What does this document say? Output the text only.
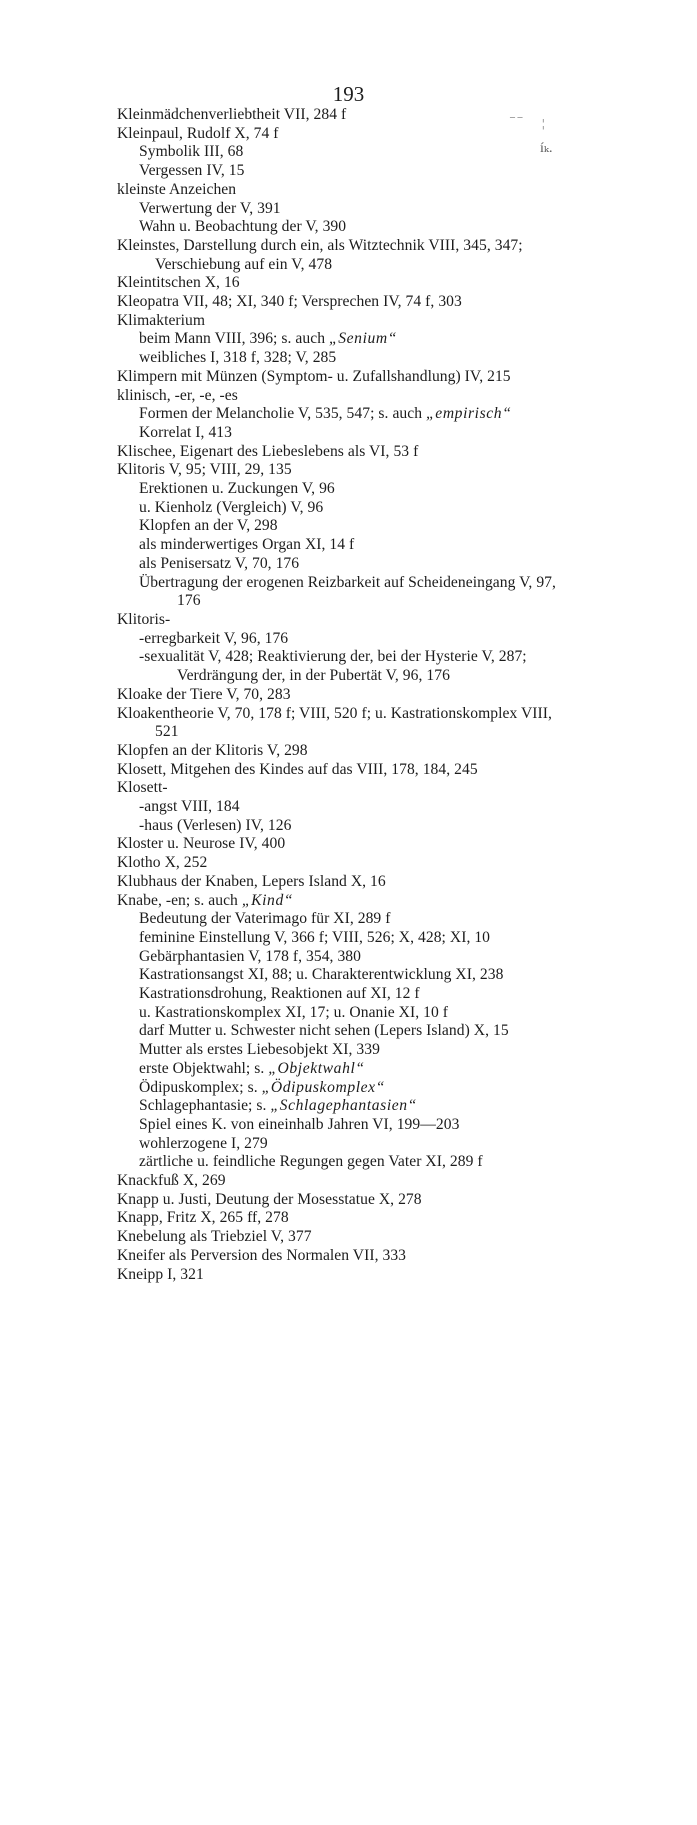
193
‒ ‒ ¦
íₖ.
Kleinmädchenverliebtheit VII, 284 f
Kleinpaul, Rudolf X, 74 f
Symbolik III, 68
Vergessen IV, 15
kleinste Anzeichen
Verwertung der V, 391
Wahn u. Beobachtung der V, 390
Kleinstes, Darstellung durch ein, als Witztechnik VIII, 345, 347; Verschiebung auf ein V, 478
Kleintitschen X, 16
Kleopatra VII, 48; XI, 340 f; Versprechen IV, 74 f, 303
Klimakterium
beim Mann VIII, 396; s. auch „Senium“
weibliches I, 318 f, 328; V, 285
Klimpern mit Münzen (Symptom- u. Zufallshandlung) IV, 215
klinisch, -er, -e, -es
Formen der Melancholie V, 535, 547; s. auch „empirisch“
Korrelat I, 413
Klischee, Eigenart des Liebeslebens als VI, 53 f
Klitoris V, 95; VIII, 29, 135
Erektionen u. Zuckungen V, 96
u. Kienholz (Vergleich) V, 96
Klopfen an der V, 298
als minderwertiges Organ XI, 14 f
als Penisersatz V, 70, 176
Übertragung der erogenen Reizbarkeit auf Scheideneingang V, 97, 176
Klitoris-
-erregbarkeit V, 96, 176
-sexualität V, 428; Reaktivierung der, bei der Hysterie V, 287; Verdrängung der, in der Pubertät V, 96, 176
Kloake der Tiere V, 70, 283
Kloakentheorie V, 70, 178 f; VIII, 520 f; u. Kastrationskomplex VIII, 521
Klopfen an der Klitoris V, 298
Klosett, Mitgehen des Kindes auf das VIII, 178, 184, 245
Klosett-
-angst VIII, 184
-haus (Verlesen) IV, 126
Kloster u. Neurose IV, 400
Klotho X, 252
Klubhaus der Knaben, Lepers Island X, 16
Knabe, -en; s. auch „Kind“
Bedeutung der Vaterimago für XI, 289 f
feminine Einstellung V, 366 f; VIII, 526; X, 428; XI, 10
Gebärphantasien V, 178 f, 354, 380
Kastrationsangst XI, 88; u. Charakterentwicklung XI, 238
Kastrationsdrohung, Reaktionen auf XI, 12 f
u. Kastrationskomplex XI, 17; u. Onanie XI, 10 f
darf Mutter u. Schwester nicht sehen (Lepers Island) X, 15
Mutter als erstes Liebesobjekt XI, 339
erste Objektwahl; s. „Objektwahl“
Ödipuskomplex; s. „Ödipuskomplex“
Schlagephantasie; s. „Schlagephantasien“
Spiel eines K. von eineinhalb Jahren VI, 199—203
wohlerzogene I, 279
zärtliche u. feindliche Regungen gegen Vater XI, 289 f
Knackfuß X, 269
Knapp u. Justi, Deutung der Mosesstatue X, 278
Knapp, Fritz X, 265 ff, 278
Knebelung als Triebziel V, 377
Kneifer als Perversion des Normalen VII, 333
Kneipp I, 321
